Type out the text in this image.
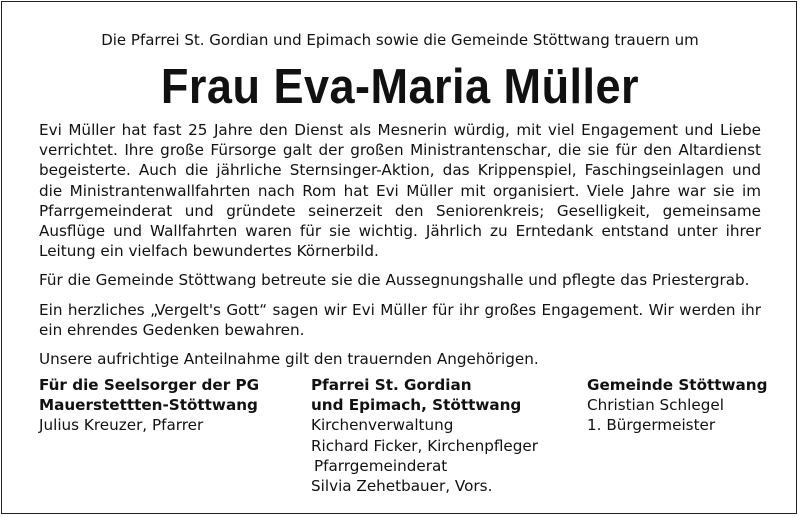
Die Pfarrei St. Gordian und Epimach sowie die Gemeinde Stöttwang trauern um
Frau Eva-Maria Müller

Evi Müller hat fast 25 Jahre den Dienst als Mesnerin würdig, mit viel Engagement und Liebe verrichtet. Ihre große Fürsorge galt der großen Ministrantenschar, die sie für den Altardienst begeisterte. Auch die jährliche Sternsinger-Aktion, das Krippenspiel, Faschingseinlagen und die Ministrantenwallfahrten nach Rom hat Evi Müller mit organisiert. Viele Jahre war sie im Pfarrgemeinderat und gründete seinerzeit den Seniorenkreis; Geselligkeit, gemeinsame Ausflüge und Wallfahrten waren für sie wichtig. Jährlich zu Erntedank entstand unter ihrer Leitung ein vielfach bewundertes Körnerbild.

Für die Gemeinde Stöttwang betreute sie die Aussegnungshalle und pflegte das Priestergrab.

Ein herzliches „Vergelt's Gott“ sagen wir Evi Müller für ihr großes Engagement. Wir werden ihr ein ehrendes Gedenken bewahren.

Unsere aufrichtige Anteilnahme gilt den trauernden Angehörigen.

Für die Seelsorger der PG
Mauerstettten-Stöttwang
Julius Kreuzer, Pfarrer
Pfarrei St. Gordian
und Epimach, Stöttwang
Kirchenverwaltung
Richard Ficker, Kirchenpfleger
Pfarrgemeinderat
Silvia Zehetbauer, Vors.
Gemeinde Stöttwang
Christian Schlegel
1. Bürgermeister
